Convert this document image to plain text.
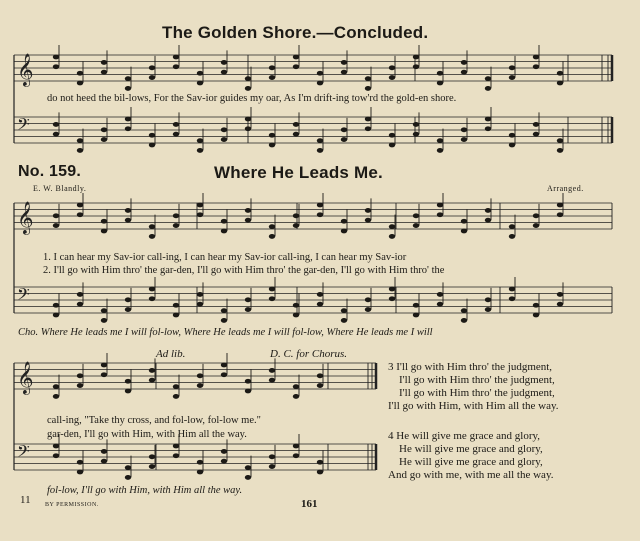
𝄞
𝄢
𝄞
𝄢
𝄞
𝄢
The Golden Shore.—Concluded.
No. 159.	Where He Leads Me.
E. W. Blandly.	Arranged.
do not heed the bil-lows, For the Sav-ior guides my oar, As I'm drift-ing tow'rd the gold-en shore.
1. I can hear my Sav-ior call-ing, I can hear my Sav-ior call-ing, I can hear my Sav-ior
2. I'll go with Him thro' the gar-den, I'll go with Him thro' the gar-den, I'll go with Him thro' the
Cho. Where He leads me I will fol-low, Where He leads me I will fol-low, Where He leads me I will
Ad lib.	D. C. for Chorus.
call-ing, "Take thy cross, and fol-low, fol-low me."
gar-den, I'll go with Him, with Him all the way.
fol-low, I'll go with Him, with Him all the way.
3 I'll go with Him thro' the judgment,
I'll go with Him thro' the judgment,
I'll go with Him thro' the judgment,
I'll go with Him, with Him all the way.
4 He will give me grace and glory,
He will give me grace and glory,
He will give me grace and glory,
And go with me, with me all the way.
11 BY PERMISSION.	161
